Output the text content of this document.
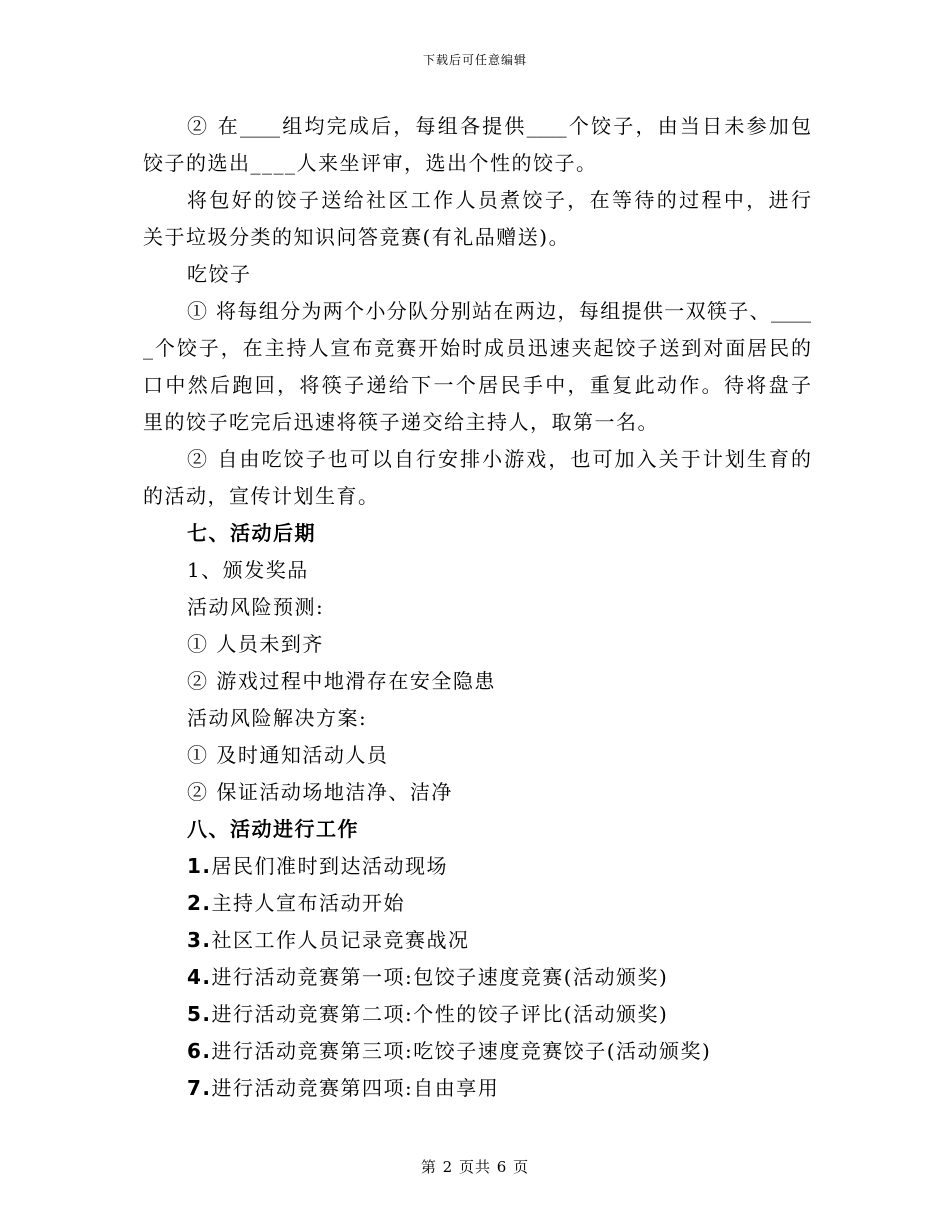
下载后可任意编辑
② 在____组均完成后，每组各提供____个饺子，由当日未参加包
饺子的选出____人来坐评审，选出个性的饺子。
将包好的饺子送给社区工作人员煮饺子，在等待的过程中，进行
关于垃圾分类的知识问答竞赛(有礼品赠送)。
吃饺子
① 将每组分为两个小分队分别站在两边，每组提供一双筷子、____
_个饺子，在主持人宣布竞赛开始时成员迅速夹起饺子送到对面居民的
口中然后跑回，将筷子递给下一个居民手中，重复此动作。待将盘子
里的饺子吃完后迅速将筷子递交给主持人，取第一名。
② 自由吃饺子也可以自行安排小游戏，也可加入关于计划生育的
的活动，宣传计划生育。
七、活动后期
1、颁发奖品
活动风险预测:
① 人员未到齐
② 游戏过程中地滑存在安全隐患
活动风险解决方案:
① 及时通知活动人员
② 保证活动场地洁净、洁净
八、活动进行工作
1.居民们准时到达活动现场
2.主持人宣布活动开始
3.社区工作人员记录竞赛战况
4.进行活动竞赛第一项:包饺子速度竞赛(活动颁奖)
5.进行活动竞赛第二项:个性的饺子评比(活动颁奖)
6.进行活动竞赛第三项:吃饺子速度竞赛饺子(活动颁奖)
7.进行活动竞赛第四项:自由享用
第 2 页共 6 页
